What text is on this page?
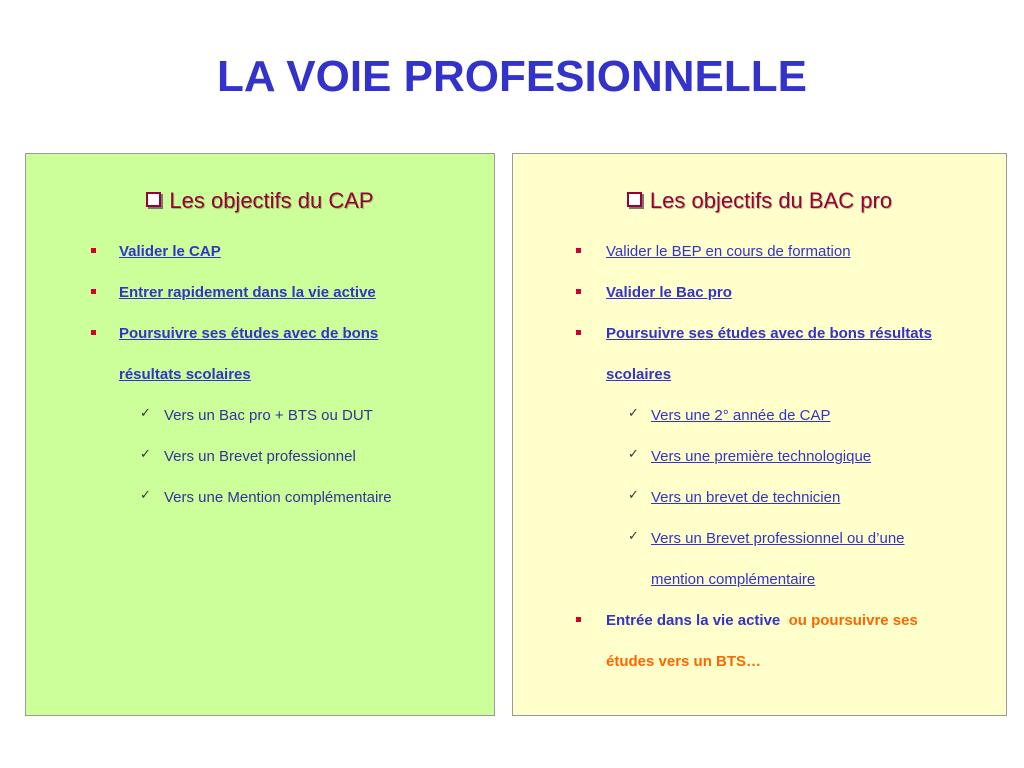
LA VOIE PROFESIONNELLE
Les objectifs du CAP
Valider le CAP
Entrer rapidement dans la vie active
Poursuivre ses études avec de bons
résultats scolaires
✓ Vers un Bac pro + BTS ou DUT
✓ Vers un Brevet professionnel
✓ Vers une Mention complémentaire
Les objectifs du BAC pro
Valider le BEP en cours de formation
Valider le Bac pro
Poursuivre ses études avec de bons résultats
scolaires
✓ Vers une 2° année de CAP
✓ Vers une première technologique
✓ Vers un brevet de technicien
✓ Vers un Brevet professionnel ou d’une
mention complémentaire
Entrée dans la vie active ou poursuivre ses
études vers un BTS…
